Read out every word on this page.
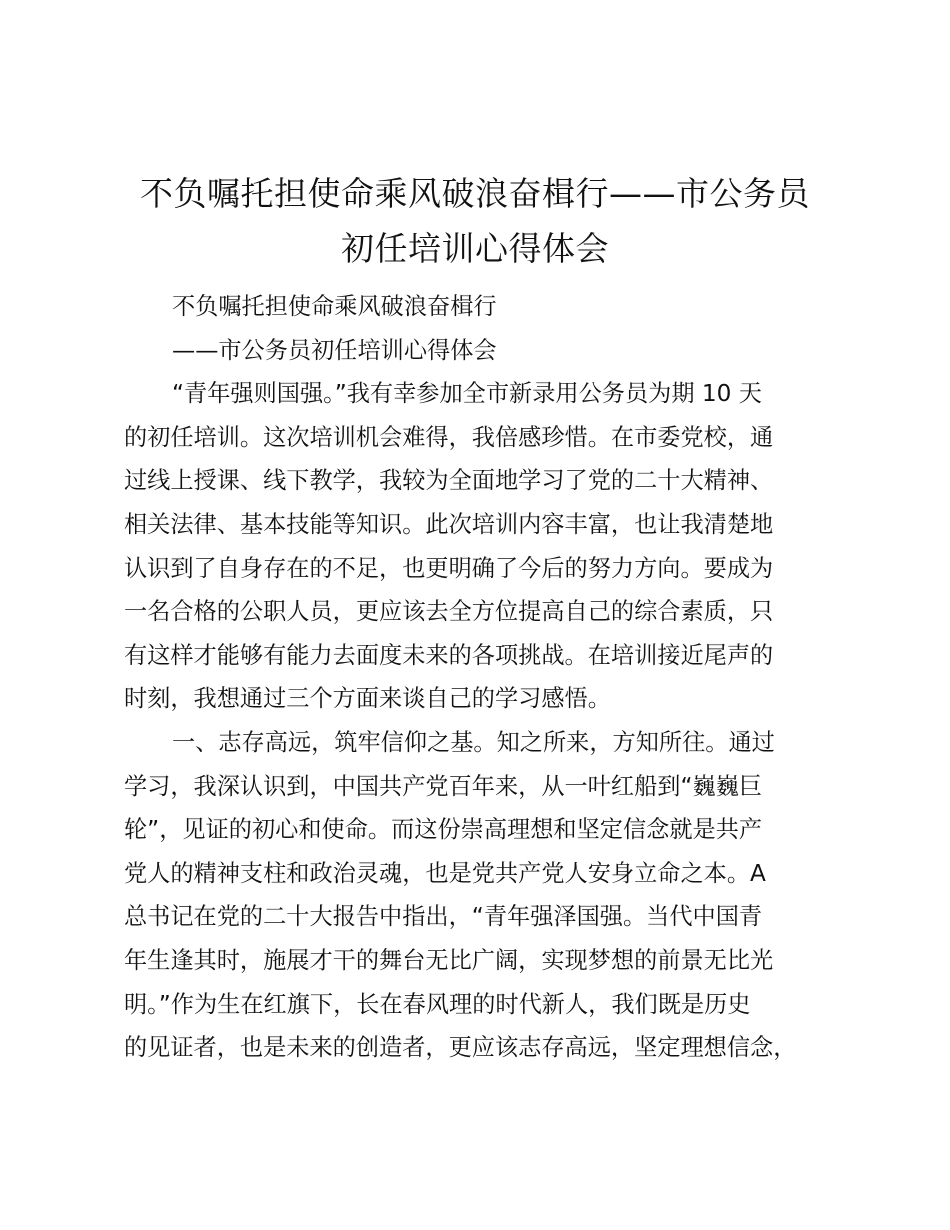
不负嘱托担使命乘风破浪奋楫行——市公务员
初任培训心得体会
不负嘱托担使命乘风破浪奋楫行
——市公务员初任培训心得体会
“青年强则国强。”我有幸参加全市新录用公务员为期 10 天
的初任培训。这次培训机会难得，我倍感珍惜。在市委党校，通
过线上授课、线下教学，我较为全面地学习了党的二十大精神、
相关法律、基本技能等知识。此次培训内容丰富，也让我清楚地
认识到了自身存在的不足，也更明确了今后的努力方向。要成为
一名合格的公职人员，更应该去全方位提高自己的综合素质，只
有这样才能够有能力去面度未来的各项挑战。在培训接近尾声的
时刻，我想通过三个方面来谈自己的学习感悟。
一、志存高远，筑牢信仰之基。知之所来，方知所往。通过
学习，我深认识到，中国共产党百年来，从一叶红船到“巍巍巨
轮”，见证的初心和使命。而这份崇高理想和坚定信念就是共产
党人的精神支柱和政治灵魂，也是党共产党人安身立命之本。A
总书记在党的二十大报告中指出，“青年强泽国强。当代中国青
年生逢其时，施展才干的舞台无比广阔，实现梦想的前景无比光
明。”作为生在红旗下，长在春风理的时代新人，我们既是历史
的见证者，也是未来的创造者，更应该志存高远，坚定理想信念，
